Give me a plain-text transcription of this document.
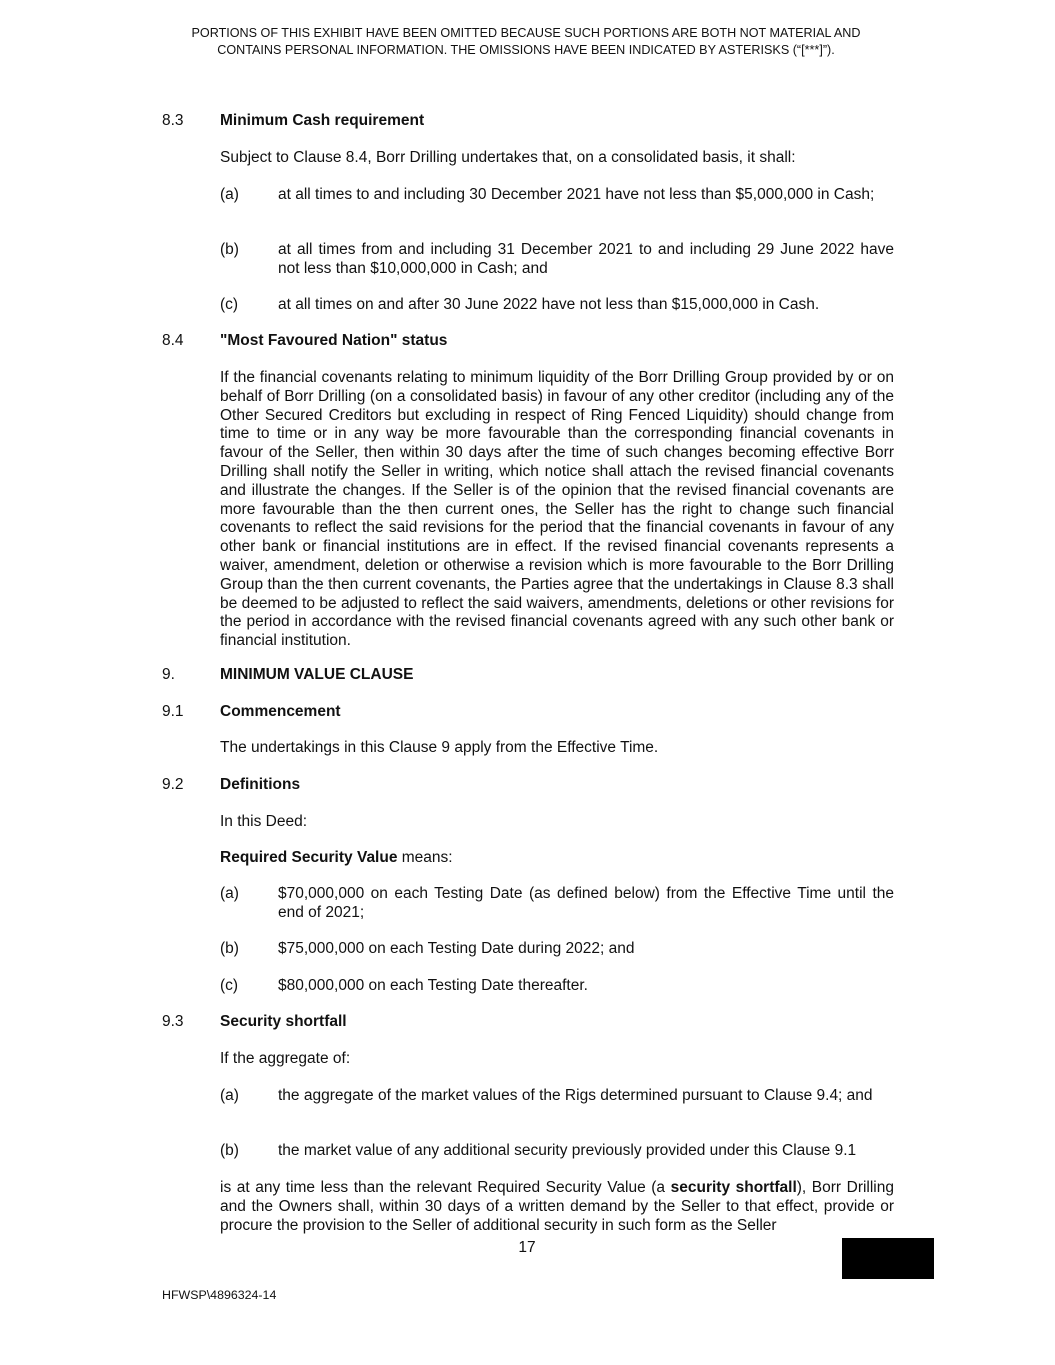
PORTIONS OF THIS EXHIBIT HAVE BEEN OMITTED BECAUSE SUCH PORTIONS ARE BOTH NOT MATERIAL AND
CONTAINS PERSONAL INFORMATION. THE OMISSIONS HAVE BEEN INDICATED BY ASTERISKS (“[***]”).
8.3 Minimum Cash requirement
Subject to Clause 8.4, Borr Drilling undertakes that, on a consolidated basis, it shall:
(a)	at all times to and including 30 December 2021 have not less than $5,000,000 in Cash;
(b)	at all times from and including 31 December 2021 to and including 29 June 2022 have not less than $10,000,000 in Cash; and
(c)	at all times on and after 30 June 2022 have not less than $15,000,000 in Cash.
8.4 "Most Favoured Nation" status
If the financial covenants relating to minimum liquidity of the Borr Drilling Group provided by or on behalf of Borr Drilling (on a consolidated basis) in favour of any other creditor (including any of the Other Secured Creditors but excluding in respect of Ring Fenced Liquidity) should change from time to time or in any way be more favourable than the corresponding financial covenants in favour of the Seller, then within 30 days after the time of such changes becoming effective Borr Drilling shall notify the Seller in writing, which notice shall attach the revised financial covenants and illustrate the changes. If the Seller is of the opinion that the revised financial covenants are more favourable than the then current ones, the Seller has the right to change such financial covenants to reflect the said revisions for the period that the financial covenants in favour of any other bank or financial institutions are in effect. If the revised financial covenants represents a waiver, amendment, deletion or otherwise a revision which is more favourable to the Borr Drilling Group than the then current covenants, the Parties agree that the undertakings in Clause 8.3 shall be deemed to be adjusted to reflect the said waivers, amendments, deletions or other revisions for the period in accordance with the revised financial covenants agreed with any such other bank or financial institution.
9.	MINIMUM VALUE CLAUSE
9.1 Commencement
The undertakings in this Clause 9 apply from the Effective Time.
9.2 Definitions
In this Deed:
Required Security Value means:
(a)	$70,000,000 on each Testing Date (as defined below) from the Effective Time until the end of 2021;
(b)	$75,000,000 on each Testing Date during 2022; and
(c)	$80,000,000 on each Testing Date thereafter.
9.3 Security shortfall
If the aggregate of:
(a)	the aggregate of the market values of the Rigs determined pursuant to Clause 9.4; and
(b)	the market value of any additional security previously provided under this Clause 9.1
is at any time less than the relevant Required Security Value (a security shortfall), Borr Drilling and the Owners shall, within 30 days of a written demand by the Seller to that effect, provide or procure the provision to the Seller of additional security in such form as the Seller
17
HFWSP\4896324-14
